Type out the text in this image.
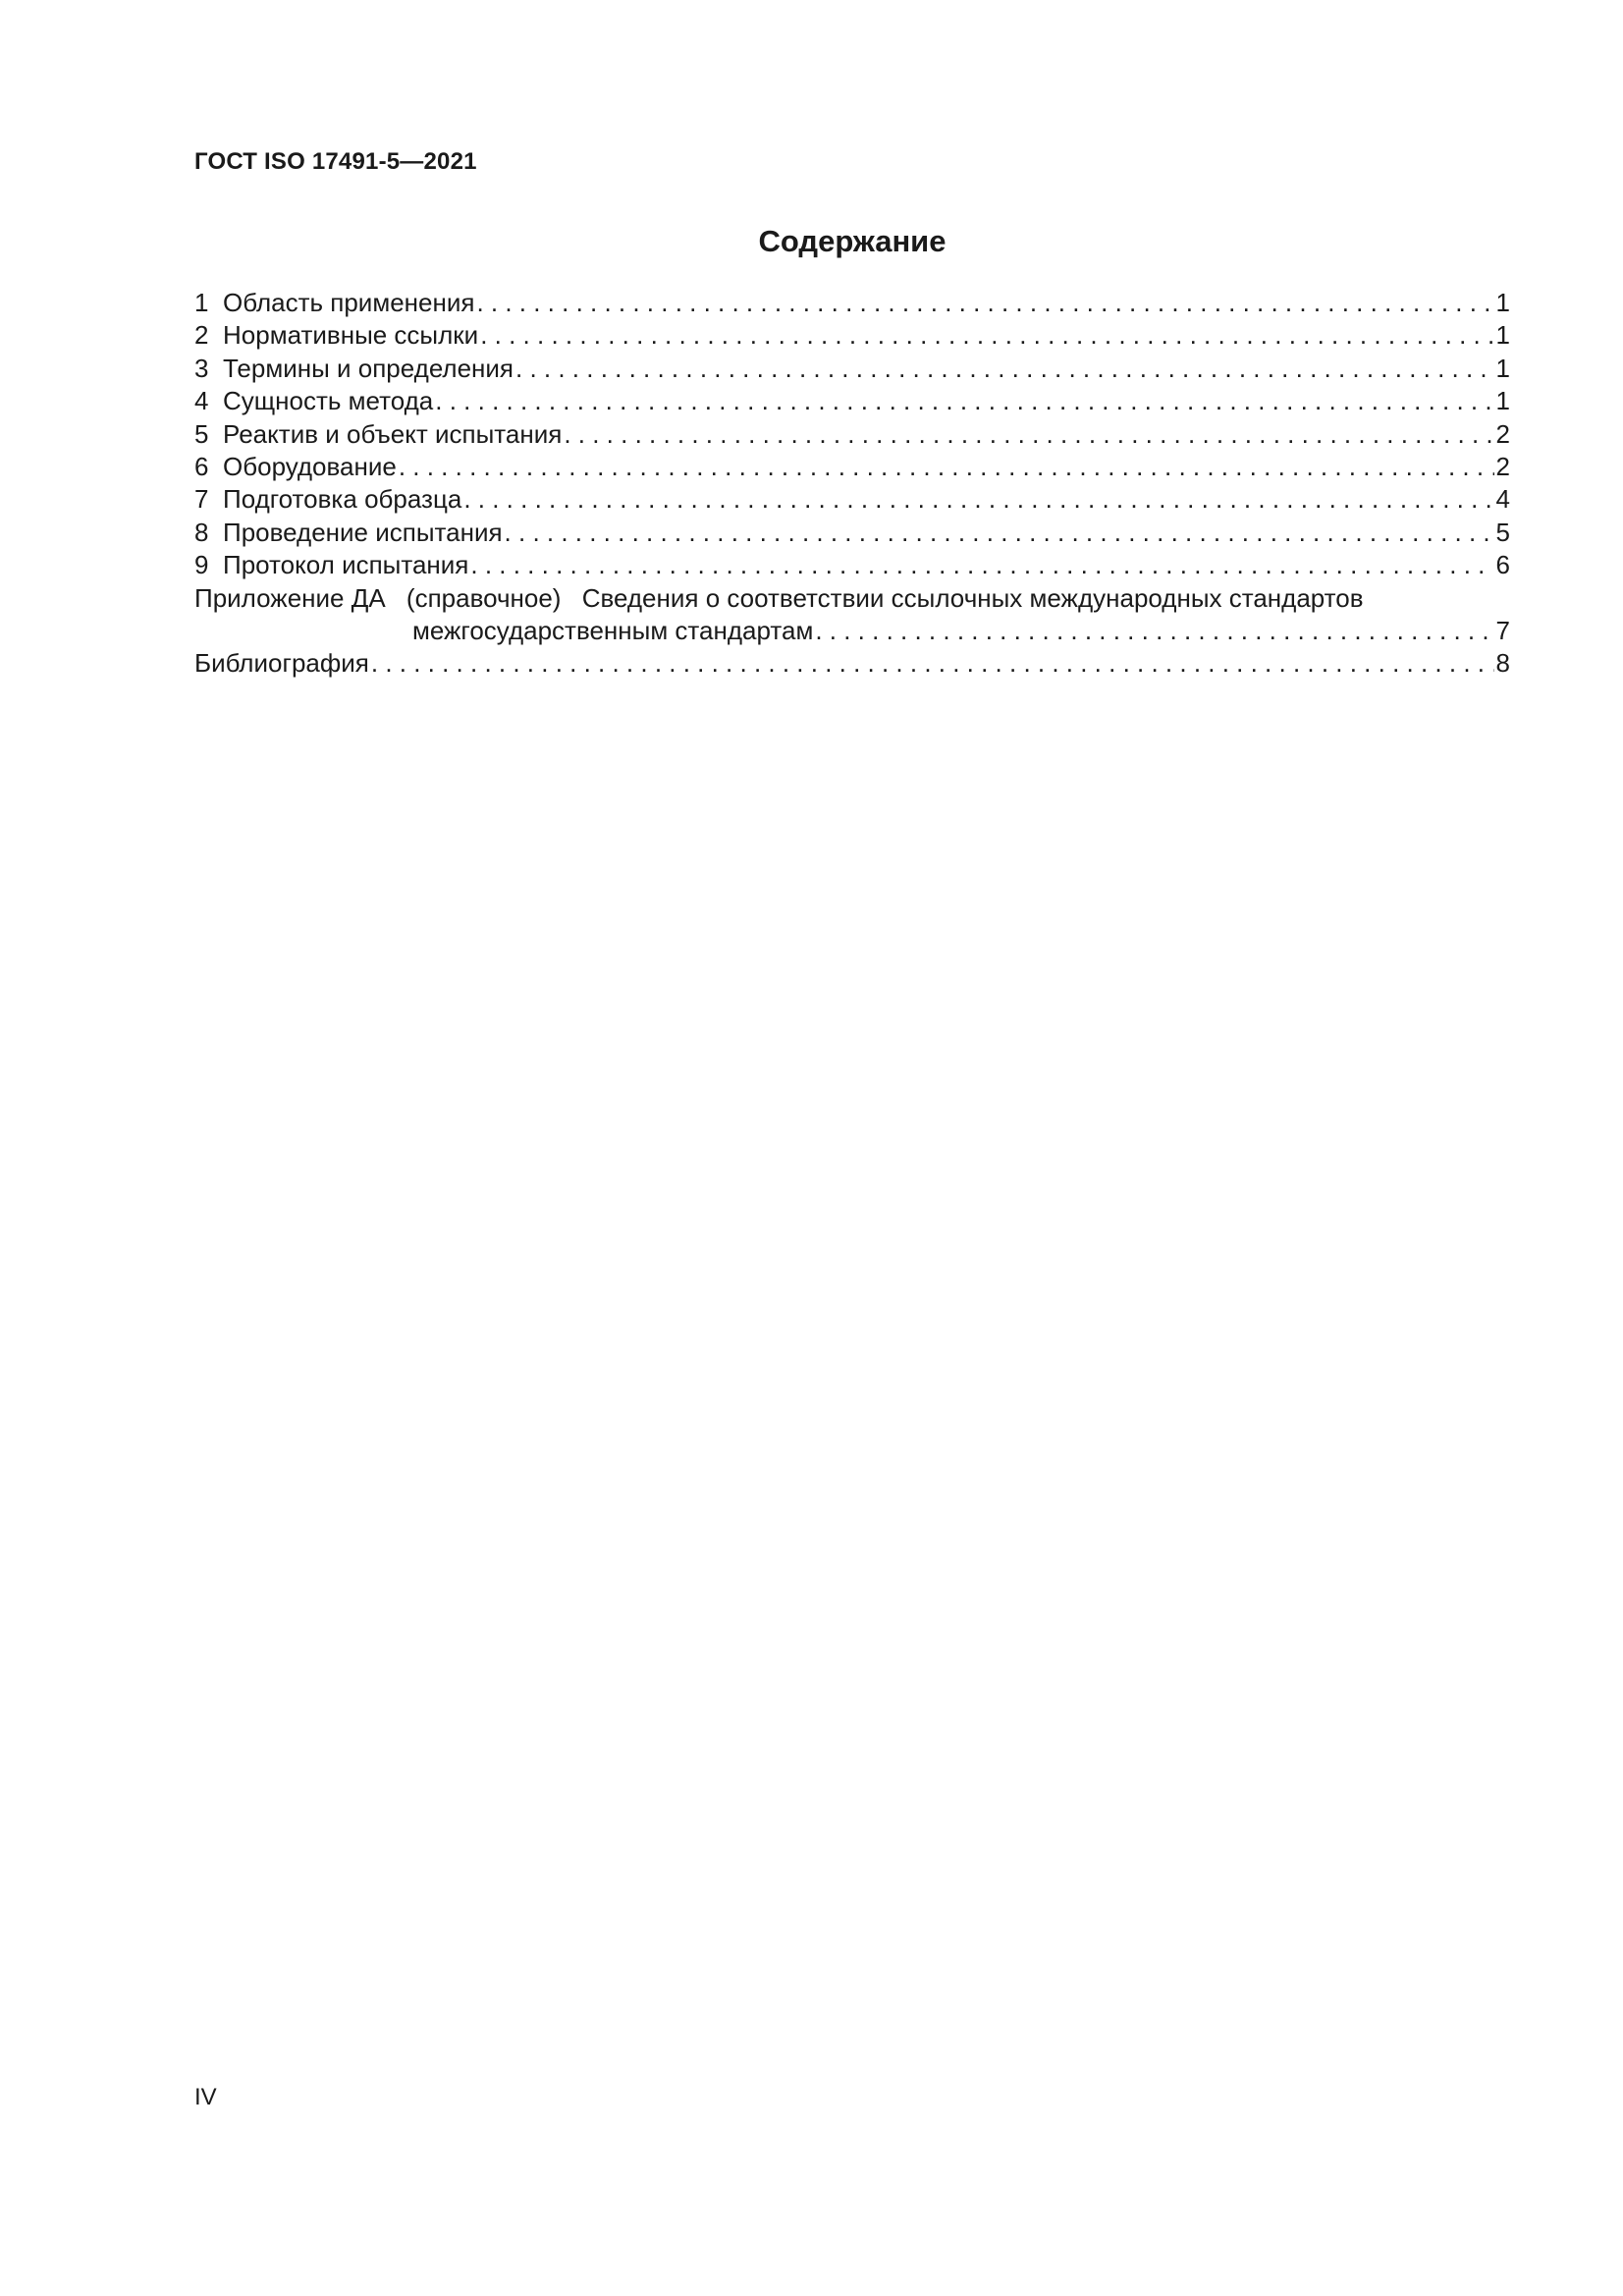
ГОСТ ISO 17491-5—2021
Содержание
1 Область применения . . .	1
2 Нормативные ссылки . . .	1
3 Термины и определения . . .	1
4 Сущность метода . . .	1
5 Реактив и объект испытания . . .	2
6 Оборудование . . .	2
7 Подготовка образца . . .	4
8 Проведение испытания . . .	5
9 Протокол испытания . . .	6
Приложение ДА (справочное) Сведения о соответствии ссылочных международных стандартов
межгосударственным стандартам . . .	7
Библиография . . .	8
IV
